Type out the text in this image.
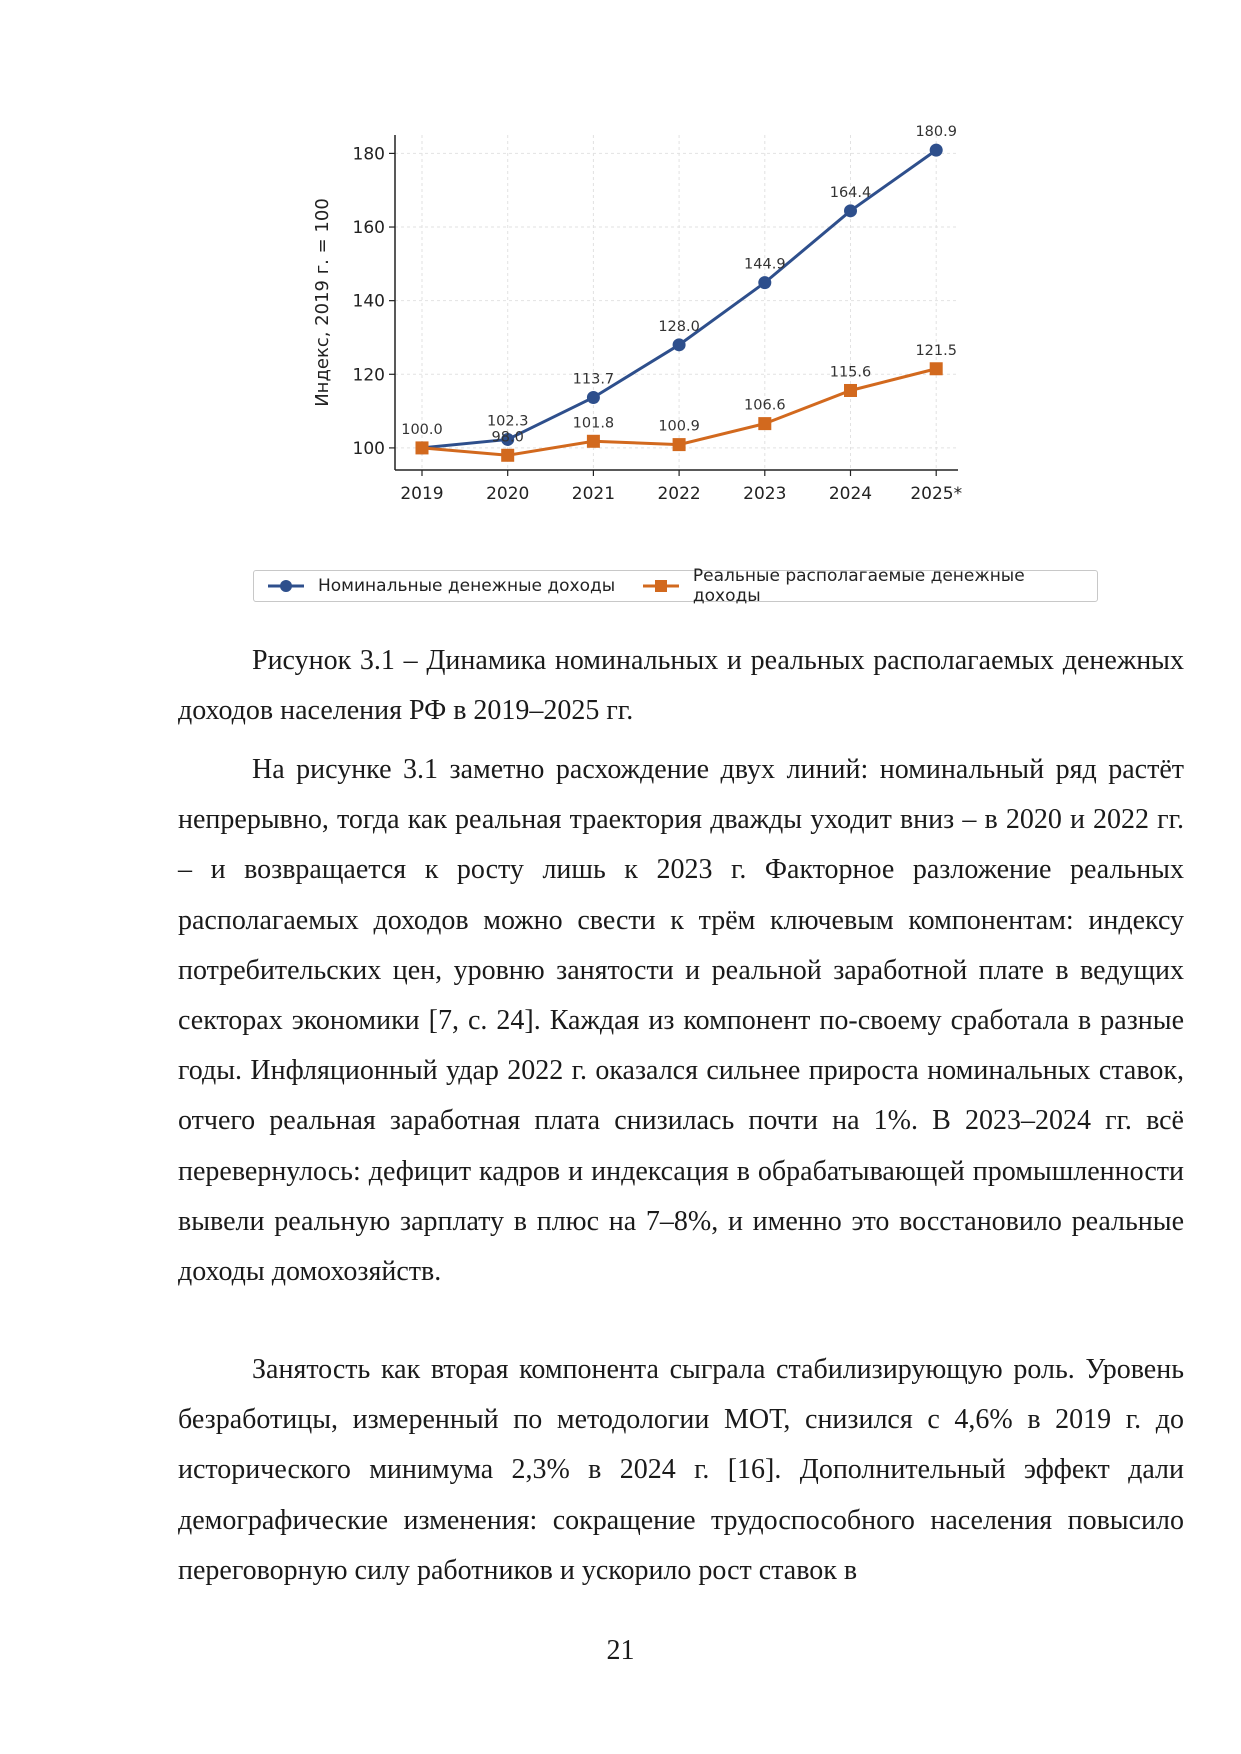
100
120
140
160
180
2019 2020 2021 2022 2023 2024 2025*
Индекс, 2019 г. = 100
100.0
102.3
113.7
128.0
144.9
164.4
180.9
98.0
101.8	100.9
106.6
115.6
121.5
Номинальные денежные доходы	Реальные располагаемые денежные доходы
Рисунок 3.1 – Динамика номинальных и реальных располагаемых денежных доходов населения РФ в 2019–2025 гг.
На рисунке 3.1 заметно расхождение двух линий: номинальный ряд растёт непрерывно, тогда как реальная траектория дважды уходит вниз – в 2020 и 2022 гг. – и возвращается к росту лишь к 2023 г. Факторное разложение реальных располагаемых доходов можно свести к трём ключевым компонентам: индексу потребительских цен, уровню занятости и реальной заработной плате в ведущих секторах экономики [7, с. 24]. Каждая из компонент по-своему сработала в разные годы. Инфляционный удар 2022 г. оказался сильнее прироста номинальных ставок, отчего реальная заработная плата снизилась почти на 1%. В 2023–2024 гг. всё перевернулось: дефицит кадров и индексация в обрабатывающей промышленности вывели реальную зарплату в плюс на 7–8%, и именно это восстановило реальные доходы домохозяйств.
Занятость как вторая компонента сыграла стабилизирующую роль. Уровень безработицы, измеренный по методологии МОТ, снизился с 4,6% в 2019 г. до исторического минимума 2,3% в 2024 г. [16]. Дополнительный эффект дали демографические изменения: сокращение трудоспособного населения повысило переговорную силу работников и ускорило рост ставок в
21
